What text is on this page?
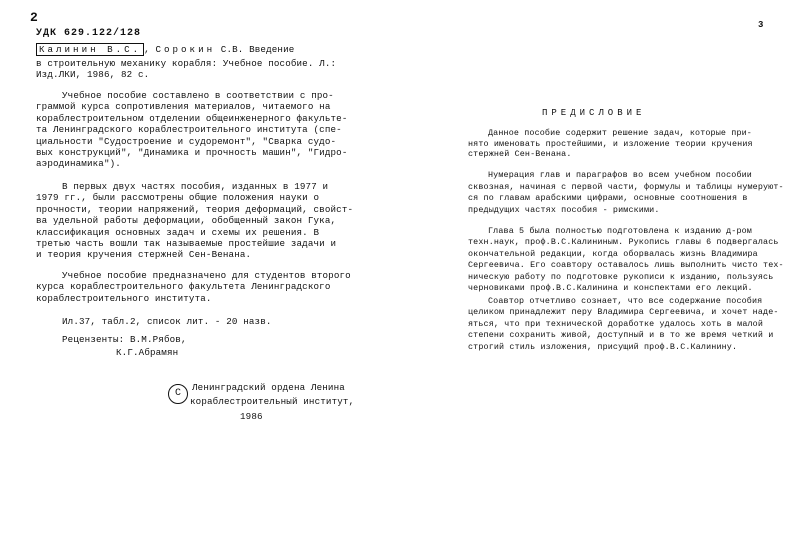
2
УДК 629.122/128
Калинин В.С. , Сорокин С.В. Введение
в строительную механику корабля: Учебное пособие. Л.:
Изд.ЛКИ, 1986, 82 с.
Учебное пособие составлено в соответствии с про-
граммой курса сопротивления материалов, читаемого на
кораблестроительном отделении общеинженерного факульте-
та Ленинградского кораблестроительного института (спе-
циальности "Судостроение и судоремонт", "Сварка судо-
вых конструкций", "Динамика и прочность машин", "Гидро-
аэродинамика").
В первых двух частях пособия, изданных в 1977 и
1979 гг., были рассмотрены общие положения науки о
прочности, теории напряжений, теория деформаций, свойст-
ва удельной работы деформации, обобщенный закон Гука,
классификация основных задач и схемы их решения. В
третью часть вошли так называемые простейшие задачи и
и теория кручения стержней Сен-Венана.
Учебное пособие предназначено для студентов второго
курса кораблестроительного факультета Ленинградского
кораблестроительного института.
Ил.37, табл.2, список лит. - 20 назв.
Рецензенты: В.М.Рябов,
К.Г.Абрамян
С
Ленинградский ордена Ленина
кораблестроительный институт,
1986
3
ПРЕДИСЛОВИЕ
Данное пособие содержит решение задач, которые при-
нято именовать простейшими, и изложение теории кручения
стержней Сен-Венана.
Нумерация глав и параграфов во всем учебном пособии
сквозная, начиная с первой части, формулы и таблицы нумеруют-
ся по главам арабскими цифрами, основные соотношения в
предыдущих частях пособия - римскими.
Глава 5 была полностью подготовлена к изданию д-ром
техн.наук, проф.В.С.Калининым. Рукопись главы 6 подвергалась
окончательной редакции, когда оборвалась жизнь Владимира
Сергеевича. Его соавтору оставалось лишь выполнить чисто тех-
ническую работу по подготовке рукописи к изданию, пользуясь
черновиками проф.В.С.Калинина и конспектами его лекций.
Соавтор отчетливо сознает, что все содержание пособия
целиком принадлежит перу Владимира Сергеевича, и хочет наде-
яться, что при технической доработке удалось хоть в малой
степени сохранить живой, доступный и в то же время четкий и
строгий стиль изложения, присущий проф.В.С.Калинину.
